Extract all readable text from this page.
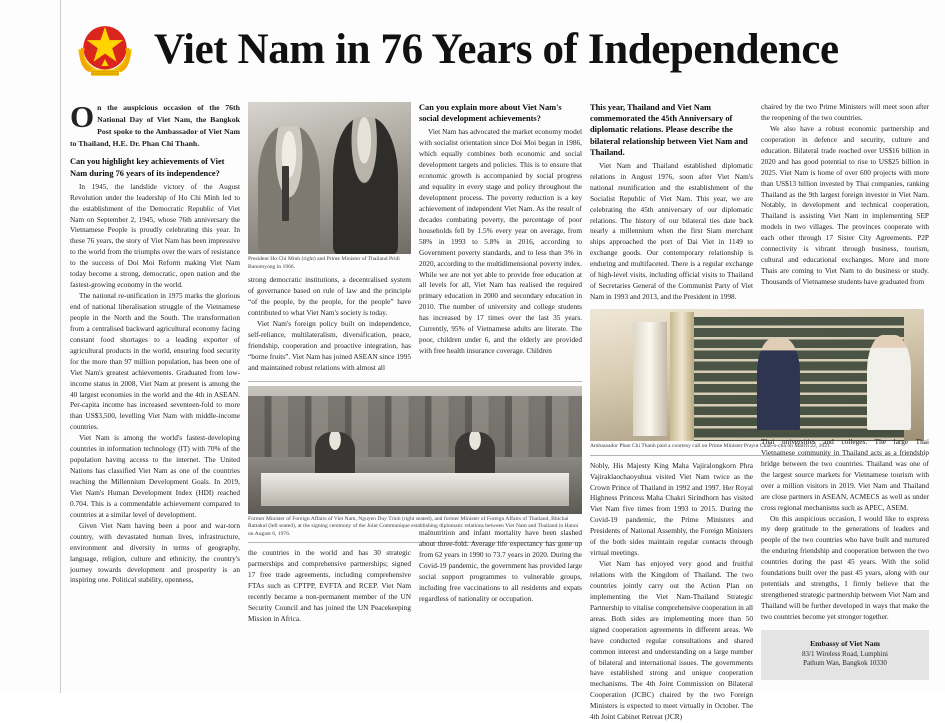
Viet Nam in 76 Years of Independence

On the auspicious occasion of the 76th National Day of Viet Nam, the Bangkok Post spoke to the Ambassador of Viet Nam to Thailand, H.E. Dr. Phan Chi Thanh.

Can you highlight key achievements of Viet Nam during 76 years of its independence?

In 1945, the landslide victory of the August Revolution under the leadership of Ho Chi Minh led to the establishment of the Democratic Republic of Viet Nam on September 2, 1945, whose 76th anniversary the Vietnamese People is proudly celebrating this year. In these 76 years, the story of Viet Nam has been impressive to the world from the triumphs over the wars of resistance to the success of Doi Moi Reform making Viet Nam today become a strong, democratic, open nation and the fastest-growing economy in the world.

The national re-unification in 1975 marks the glorious end of national liberalisation struggle of the Vietnamese people in the North and the South. The transformation from a centralised backward agricultural economy facing constant food shortages to a leading exporter of agricultural products in the world, ensuring food security for the more than 97 million population, has been one of Viet Nam's greatest achievements. Graduated from low-income status in 2008, Viet Nam at present is among the 40 largest economies in the world and the 4th in ASEAN. Per-capita income has increased seventeen-fold to more than US$3,500, levelling Viet Nam with middle-income countries.

Viet Nam is among the world's fastest-developing countries in information technology (IT) with 70% of the population having access to the internet. The United Nations has classified Viet Nam as one of the countries reaching the Millennium Development Goals. In 2019, Viet Nam's Human Development Index (HDI) reached 0.704. This is a commendable achievement compared to countries at a similar level of development.

Given Viet Nam having been a poor and war-torn country, with devastated human lives, infrastructure, environment and diversity in terms of geography, language, religion, culture and ethnicity, the country's journey towards development and prosperity is an inspiring one. Political stability, openness,

President Ho Chi Minh (right) and Prime Minister of Thailand Pridi Banomyong in 1966.

strong democratic institutions, a decentralised system of governance based on rule of law and the principle “of the people, by the people, for the people” have contributed to what Viet Nam's society is today.

Viet Nam's foreign policy built on independence, self-reliance, multilateralism, diversification, peace, friendship, cooperation and proactive integration, has “borne fruits”. Viet Nam has joined ASEAN since 1995 and maintained robust relations with almost all

Former Minister of Foreign Affairs of Viet Nam, Nguyen Duy Trinh (right seated), and former Minister of Foreign Affairs of Thailand, Bhichai Rattakul (left seated), at the signing ceremony of the Joint Communique establishing diplomatic relations between Viet Nam and Thailand in Hanoi on August 6, 1976.

the countries in the world and has 30 strategic partnerships and comprehensive partnerships; signed 17 free trade agreements, including comprehensive FTAs such as CPTPP, EVFTA and RCEP. Viet Nam recently became a non-permanent member of the UN Security Council and has joined the UN Peacekeeping Mission in Africa.

Can you explain more about Viet Nam's social development achievements?

Viet Nam has advocated the market economy model with socialist orientation since Doi Moi began in 1986, which equally combines both economic and social development targets and policies. This is to ensure that economic growth is accompanied by social progress and equality in every stage and policy throughout the development process. The poverty reduction is a key achievement of independent Viet Nam. As the result of decades combating poverty, the percentage of poor households fell by 1.5% every year on average, from 58% in 1993 to 5.8% in 2016, according to Government poverty standards, and to less than 3% in 2020, according to the multidimensional poverty index. While we are not yet able to provide free education at all levels for all, Viet Nam has realised the required primary education in 2000 and secondary education in 2010. The number of university and college students has increased by 17 times over the last 35 years. Currently, 95% of Vietnamese adults are literate. The poor, children under 6, and the elderly are provided with free health insurance coverage. Children

malnutrition and infant mortality have been slashed about three-fold. Average life expectancy has gone up from 62 years in 1990 to 73.7 years in 2020. During the Covid-19 pandemic, the government has provided large social support programmes to vulnerable groups, including free vaccinations to all residents and expats regardless of nationality or occupation.

This year, Thailand and Viet Nam commemorated the 45th Anniversary of diplomatic relations. Please describe the bilateral relationship between Viet Nam and Thailand.

Viet Nam and Thailand established diplomatic relations in August 1976, soon after Viet Nam's national reunification and the establishment of the Socialist Republic of Viet Nam. This year, we are celebrating the 45th anniversary of our diplomatic relations. The history of our bilateral ties date back nearly a millennium when the first Siam merchant ships approached the port of Dai Viet in 1149 to exchange goods. Our contemporary relationship is enduring and multifaceted. There is a regular exchange of high-level visits, including official visits to Thailand of Secretaries General of the Communist Party of Viet Nam in 1993 and 2013, and the President in 1998.

Ambassador Phan Chi Thanh paid a courtesy call on Prime Minister Prayut Chan-o-cha on March 22, 2021.

Nobly, His Majesty King Maha Vajiralongkorn Phra Vajiraklaochaoyuhua visited Viet Nam twice as the Crown Prince of Thailand in 1992 and 1997. Her Royal Highness Princess Maha Chakri Sirindhorn has visited Viet Nam five times from 1993 to 2015. During the Covid-19 pandemic, the Prime Ministers and Presidents of National Assembly, the Foreign Ministers of the both sides maintain regular contacts through virtual meetings.

Viet Nam has enjoyed very good and fruitful relations with the Kingdom of Thailand. The two countries jointly carry out the Action Plan on implementing the Viet Nam-Thailand Strategic Partnership to vitalise comprehensive cooperation in all areas. Both sides are implementing more than 50 signed cooperation agreements in different areas. We have conducted regular consultations and shared common interest and understanding on a large number of bilateral and international issues. The governments have established strong and unique cooperation mechanisms. The 4th Joint Commission on Bilateral Cooperation (JCBC) chaired by the two Foreign Ministers is expected to meet virtually in October. The 4th Joint Cabinet Retreat (JCR)

chaired by the two Prime Ministers will meet soon after the reopening of the two countries.

We also have a robust economic partnership and cooperation in defence and security, culture and education. Bilateral trade reached over US$16 billion in 2020 and has good potential to rise to US$25 billion in 2025. Viet Nam is home of over 600 projects with more than US$13 billion invested by Thai companies, ranking Thailand as the 9th largest foreign investor in Viet Nam. Notably, in development and technical cooperation, Thailand is assisting Viet Nam in implementing SEP models in two villages. The provinces cooperate with each other through 17 Sister City Agreements. P2P connectivity is vibrant through business, tourism, cultural and educational exchanges. More and more Thais are coming to Viet Nam to do business or study. Thousands of Vietnamese students have graduated from

Thai universities and colleges. The large Thai Vietnamese community in Thailand acts as a friendship bridge between the two countries. Thailand was one of the largest source markets for Vietnamese tourism with over a million visitors in 2019. Viet Nam and Thailand are close partners in ASEAN, ACMECS as well as under cross regional mechanisms such as APEC, ASEM.

On this auspicious occasion, I would like to express my deep gratitude to the generations of leaders and people of the two countries who have built and nurtured the enduring friendship and cooperation between the two countries during the past 45 years. With the solid foundations built over the past 45 years, along with our potentials and strengths, I firmly believe that the strengthened strategic partnership between Viet Nam and Thailand will be further developed in ways that make the two countries become yet stronger together.

Embassy of Viet Nam
83/1 Wireless Road, Lumphini
Pathum Wan, Bangkok 10330
